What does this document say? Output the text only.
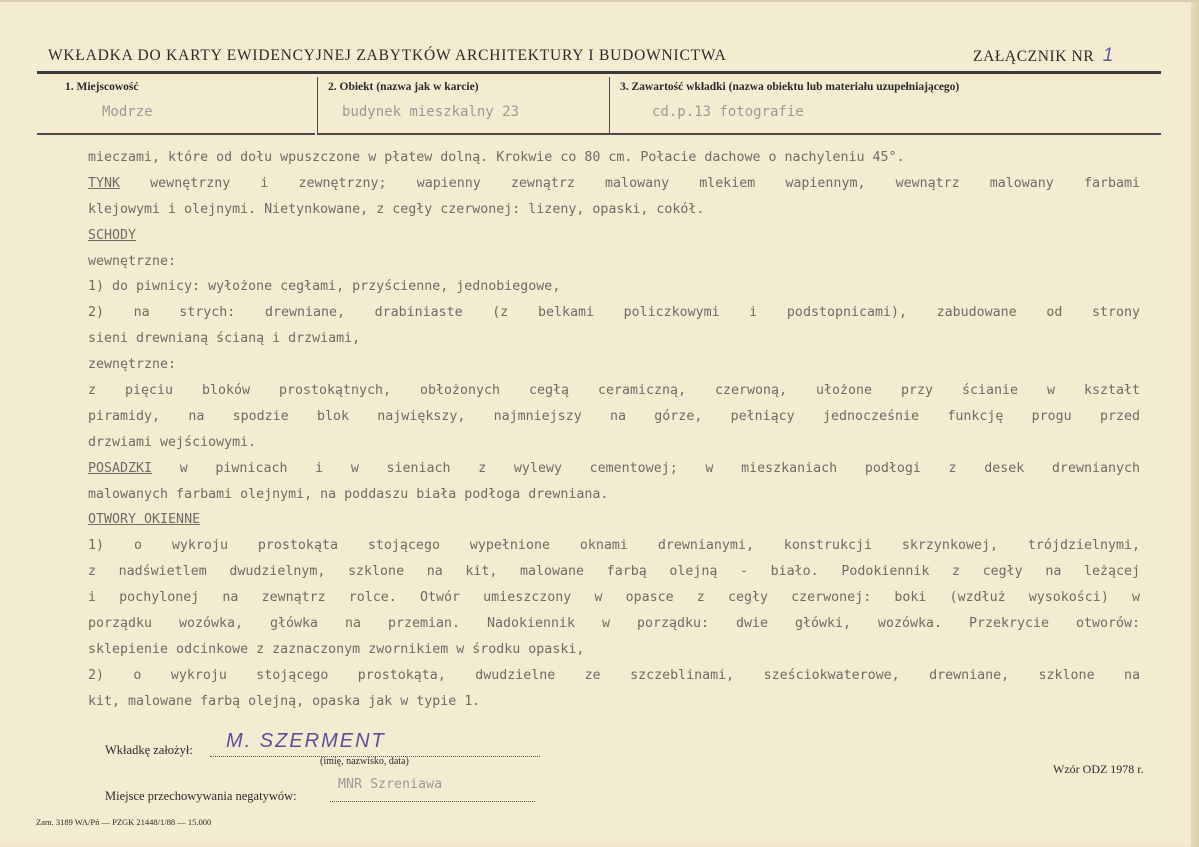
WKŁADKA DO KARTY EWIDENCYJNEJ ZABYTKÓW ARCHITEKTURY I BUDOWNICTWA	ZAŁĄCZNIK NR 1
1. Miejscowość
Modrze
2. Obiekt (nazwa jak w karcie)
budynek mieszkalny 23
3. Zawartość wkładki (nazwa obiektu lub materiału uzupełniającego)
cd.p.13 fotografie
mieczami, które od dołu wpuszczone w płatew dolną. Krokwie co 80 cm. Połacie dachowe o nachyleniu 45°.
TYNK wewnętrzny i zewnętrzny; wapienny zewnątrz malowany mlekiem wapiennym, wewnątrz malowany farbami
klejowymi i olejnymi. Nietynkowane, z cegły czerwonej: lizeny, opaski, cokół.
SCHODY
wewnętrzne:
1) do piwnicy: wyłożone cegłami, przyścienne, jednobiegowe,
2) na strych: drewniane, drabiniaste (z belkami policzkowymi i podstopnicami), zabudowane od strony
sieni drewnianą ścianą i drzwiami,
zewnętrzne:
z pięciu bloków prostokątnych, obłożonych cegłą ceramiczną, czerwoną, ułożone przy ścianie w kształt
piramidy, na spodzie blok największy, najmniejszy na górze, pełniący jednocześnie funkcję progu przed
drzwiami wejściowymi.
POSADZKI w piwnicach i w sieniach z wylewy cementowej; w mieszkaniach podłogi z desek drewnianych
malowanych farbami olejnymi, na poddaszu biała podłoga drewniana.
OTWORY OKIENNE
1) o wykroju prostokąta stojącego wypełnione oknami drewnianymi, konstrukcji skrzynkowej, trójdzielnymi,
z nadświetlem dwudzielnym, szklone na kit, malowane farbą olejną - biało. Podokiennik z cegły na leżącej
i pochylonej na zewnątrz rolce. Otwór umieszczony w opasce z cegły czerwonej: boki (wzdłuż wysokości) w
porządku wozówka, główka na przemian. Nadokiennik w porządku: dwie główki, wozówka. Przekrycie otworów:
sklepienie odcinkowe z zaznaczonym zwornikiem w środku opaski,
2) o wykroju stojącego prostokąta, dwudzielne ze szczeblinami, sześciokwaterowe, drewniane, szklone na
kit, malowane farbą olejną, opaska jak w typie 1.
Wkładkę założył: M. SZERMENT
(imię, nazwisko, data)
Miejsce przechowywania negatywów:
MNR Szreniawa
Wzór ODZ 1978 r.
Zam. 3189 WA/Pń — PZGK 21448/1/88 — 15.000
